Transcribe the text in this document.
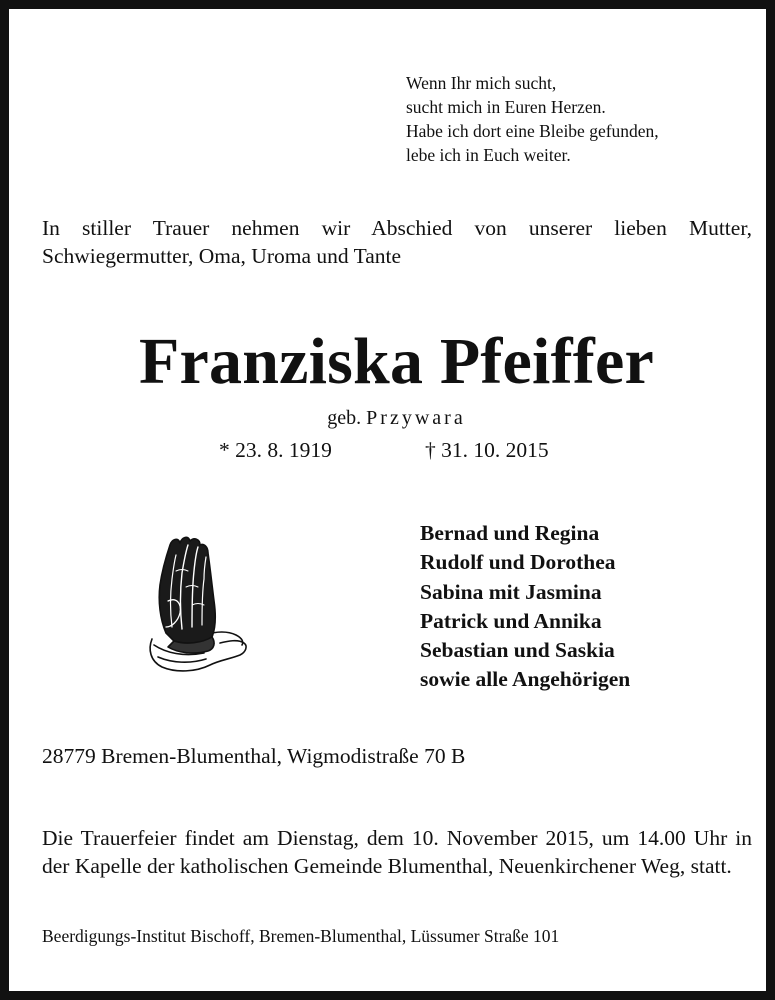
Wenn Ihr mich sucht,
sucht mich in Euren Herzen.
Habe ich dort eine Bleibe gefunden,
lebe ich in Euch weiter.
In stiller Trauer nehmen wir Abschied von unserer lieben Mutter, Schwiegermutter, Oma, Uroma und Tante
Franziska Pfeiffer
geb. Przywara
* 23. 8. 1919	† 31. 10. 2015
Bernad und Regina
Rudolf und Dorothea
Sabina mit Jasmina
Patrick und Annika
Sebastian und Saskia
sowie alle Angehörigen
28779 Bremen-Blumenthal, Wigmodistraße 70 B
Die Trauerfeier findet am Dienstag, dem 10. November 2015, um 14.00 Uhr in der Kapelle der katholischen Gemeinde Blumenthal, Neuenkirchener Weg, statt.
Beerdigungs-Institut Bischoff, Bremen-Blumenthal, Lüssumer Straße 101
